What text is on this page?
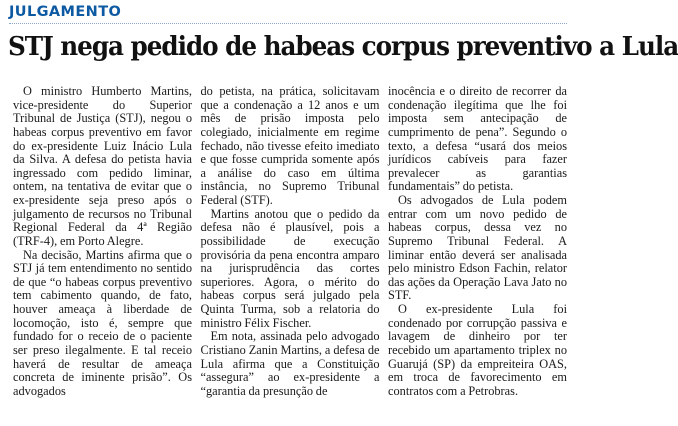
JULGAMENTO
STJ nega pedido de habeas corpus preventivo a Lula

O ministro Humberto Martins, vice-presidente do Superior Tribunal de Justiça (STJ), negou o habeas corpus preventivo em favor do ex-presidente Luiz Inácio Lula da Silva. A defesa do petista havia ingressado com pedido liminar, ontem, na tentativa de evitar que o ex-presidente seja preso após o julgamento de recursos no Tribunal Regional Federal da 4ª Região (TRF-4), em Porto Alegre.

Na decisão, Martins afirma que o STJ já tem entendimento no sentido de que “o habeas corpus preventivo tem cabimento quando, de fato, houver ameaça à liberdade de locomoção, isto é, sempre que fundado for o receio de o paciente ser preso ilegalmente. E tal receio haverá de resultar de ameaça concreta de iminente prisão”. Os advogados

do petista, na prática, solicitavam que a condenação a 12 anos e um mês de prisão imposta pelo colegiado, inicialmente em regime fechado, não tivesse efeito imediato e que fosse cumprida somente após a análise do caso em última instância, no Supremo Tribunal Federal (STF).

Martins anotou que o pedido da defesa não é plausível, pois a possibilidade de execução provisória da pena encontra amparo na jurisprudência das cortes superiores. Agora, o mérito do habeas corpus será julgado pela Quinta Turma, sob a relatoria do ministro Félix Fischer.

Em nota, assinada pelo advogado Cristiano Zanin Martins, a defesa de Lula afirma que a Constituição “assegura” ao ex-presidente a “garantia da presunção de

inocência e o direito de recorrer da condenação ilegítima que lhe foi imposta sem antecipação de cumprimento de pena”. Segundo o texto, a defesa “usará dos meios jurídicos cabíveis para fazer prevalecer as garantias fundamentais” do petista.

Os advogados de Lula podem entrar com um novo pedido de habeas corpus, dessa vez no Supremo Tribunal Federal. A liminar então deverá ser analisada pelo ministro Edson Fachin, relator das ações da Operação Lava Jato no STF.

O ex-presidente Lula foi condenado por corrupção passiva e lavagem de dinheiro por ter recebido um apartamento triplex no Guarujá (SP) da empreiteira OAS, em troca de favorecimento em contratos com a Petrobras.
